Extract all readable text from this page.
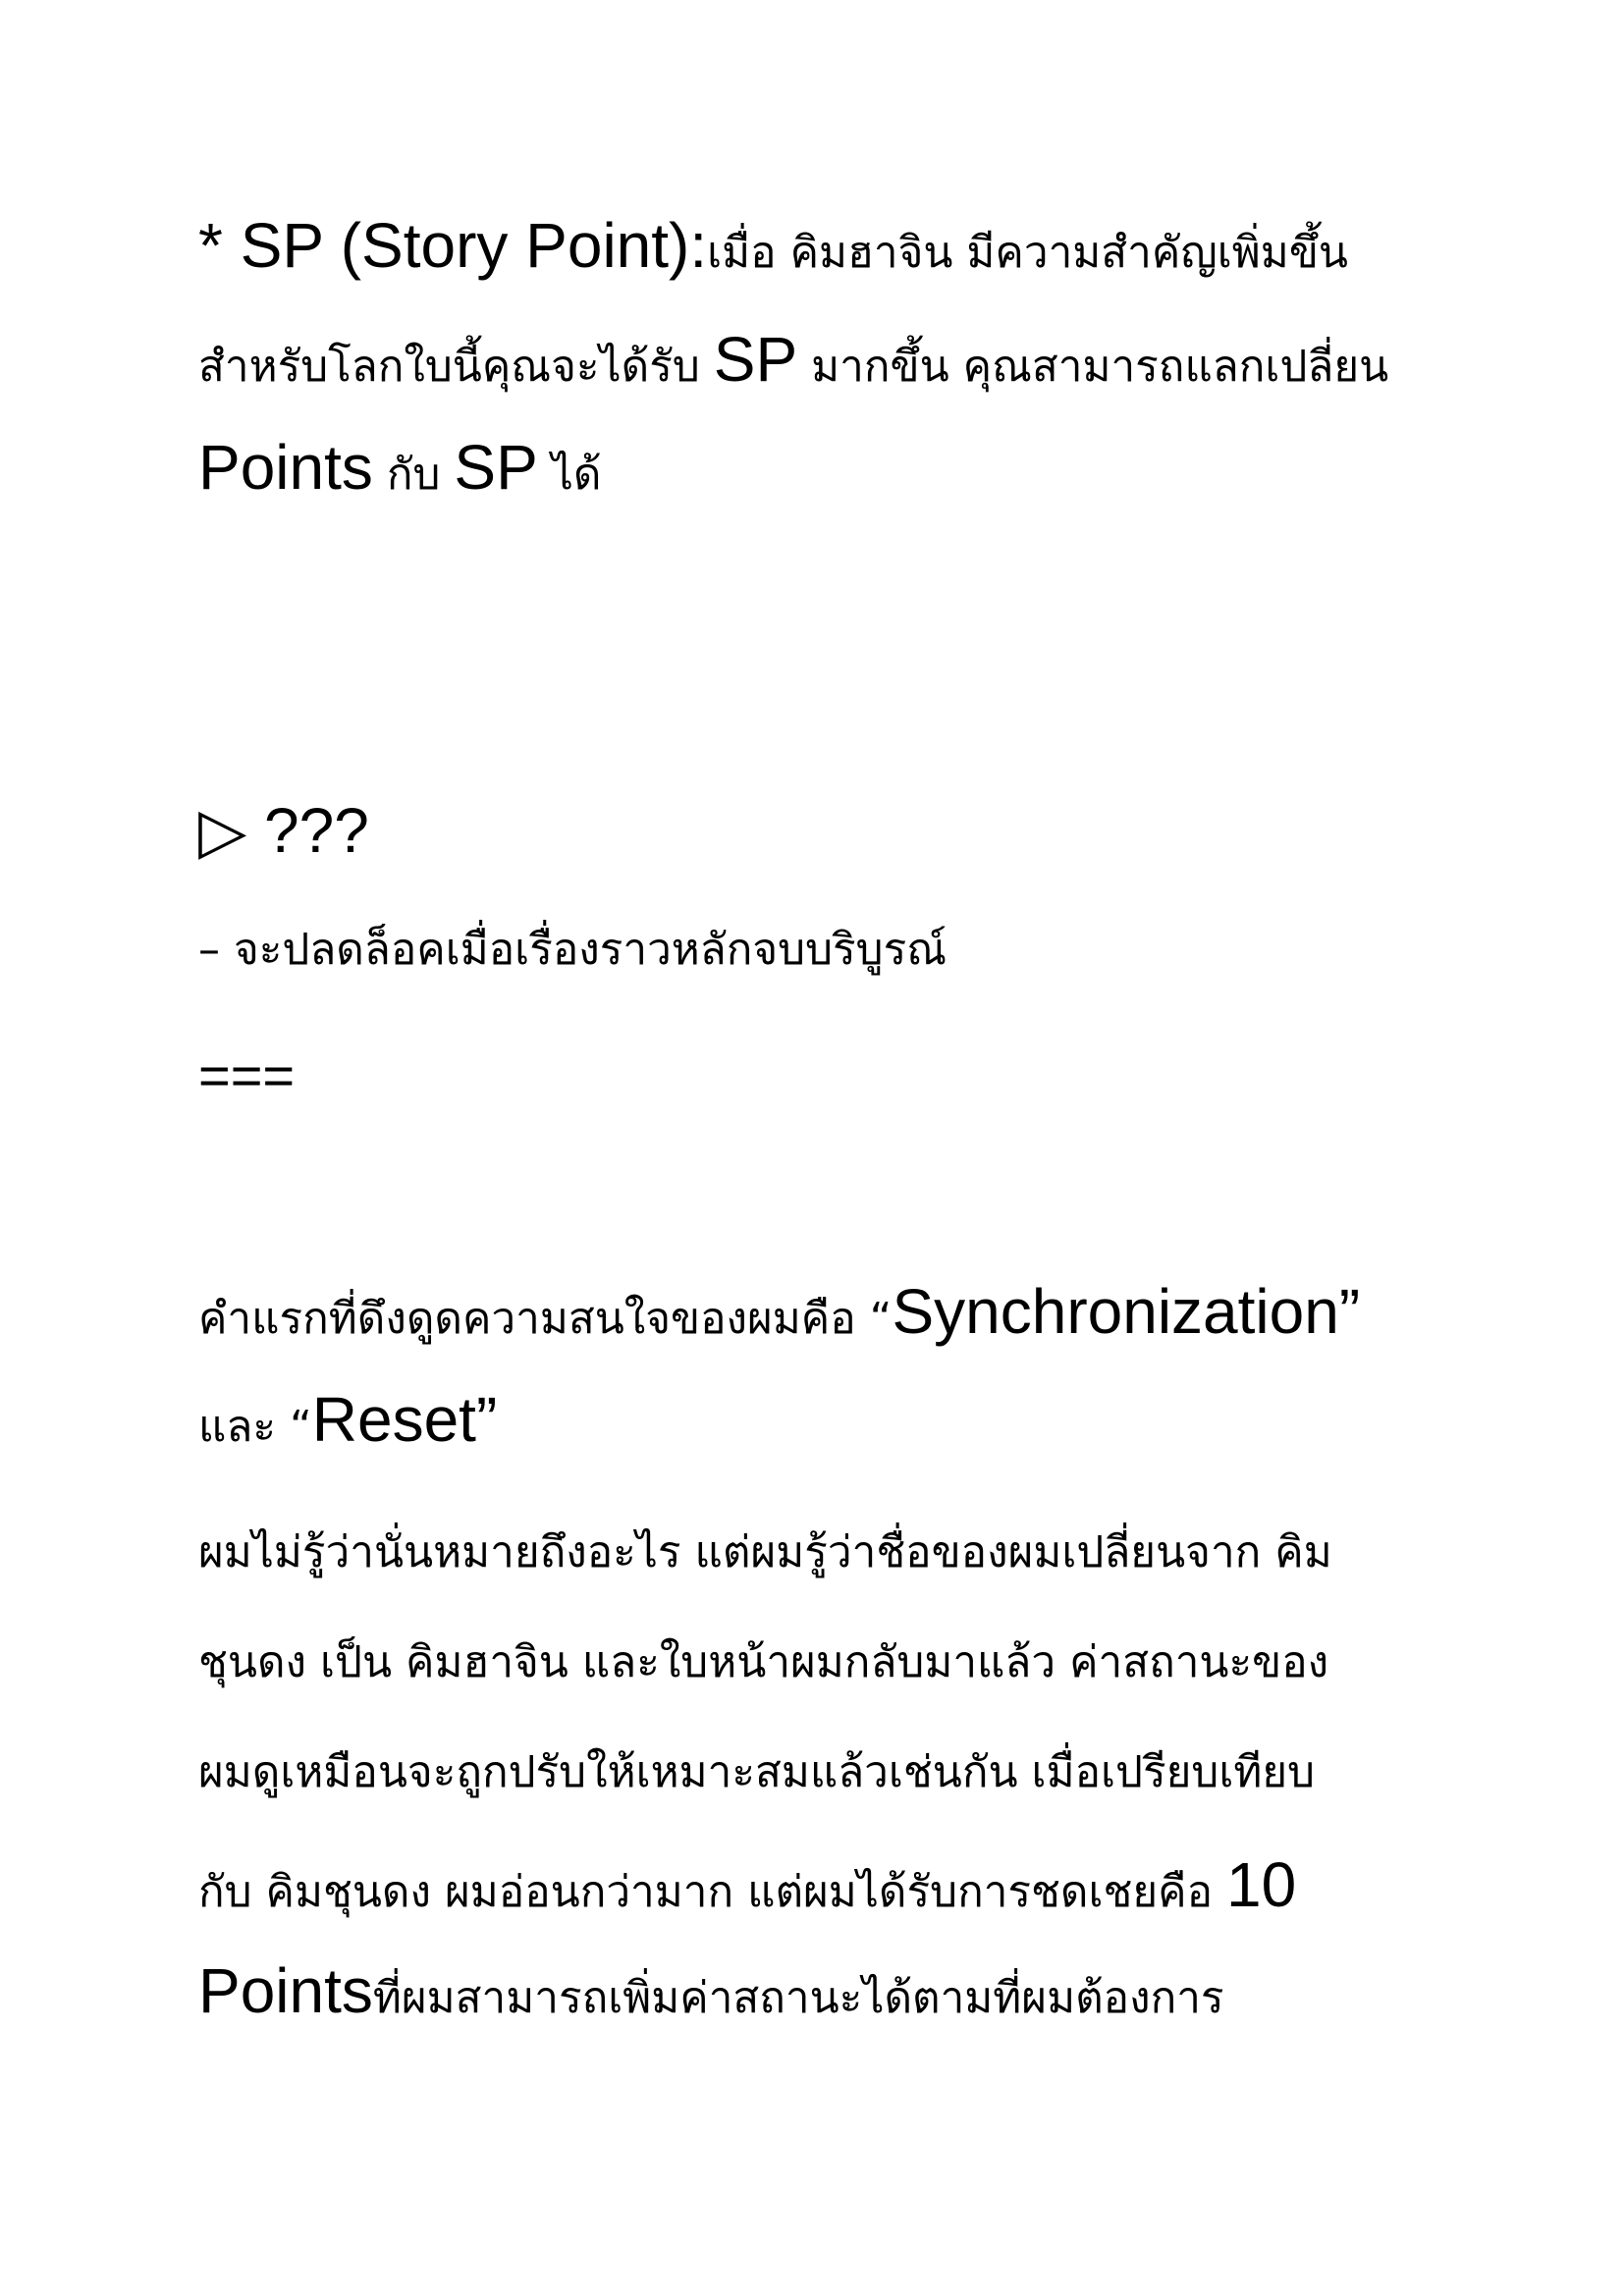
* SP (Story Point):เมื่อ คิมฮาจิน มีความสำคัญเพิ่มขึ้น
สำหรับโลกใบนี้คุณจะได้รับ SP มากขึ้น คุณสามารถแลกเปลี่ยน
Points กับ SP ได้
▷ ???
– จะปลดล็อคเมื่อเรื่องราวหลักจบบริบูรณ์
===
คำแรกที่ดึงดูดความสนใจของผมคือ “Synchronization”
และ “Reset”
ผมไม่รู้ว่านั่นหมายถึงอะไร แต่ผมรู้ว่าชื่อของผมเปลี่ยนจาก คิม
ชุนดง เป็น คิมฮาจิน และใบหน้าผมกลับมาแล้ว ค่าสถานะของ
ผมดูเหมือนจะถูกปรับให้เหมาะสมแล้วเช่นกัน เมื่อเปรียบเทียบ
กับ คิมชุนดง ผมอ่อนกว่ามาก แต่ผมได้รับการชดเชยคือ 10
Pointsที่ผมสามารถเพิ่มค่าสถานะได้ตามที่ผมต้องการ
